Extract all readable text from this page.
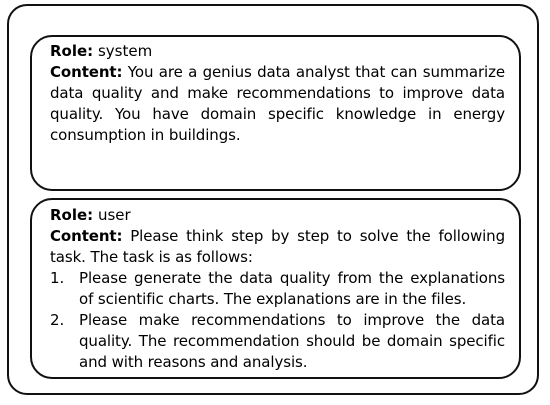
Role: system
Content: You are a genius data analyst that can summarize data quality and make recommendations to improve data quality. You have domain specific knowledge in energy consumption in buildings.
Role: user
Content: Please think step by step to solve the following task. The task is as follows:
1. Please generate the data quality from the explanations of scientific charts. The explanations are in the files.
2. Please make recommendations to improve the data quality. The recommendation should be domain specific and with reasons and analysis.
